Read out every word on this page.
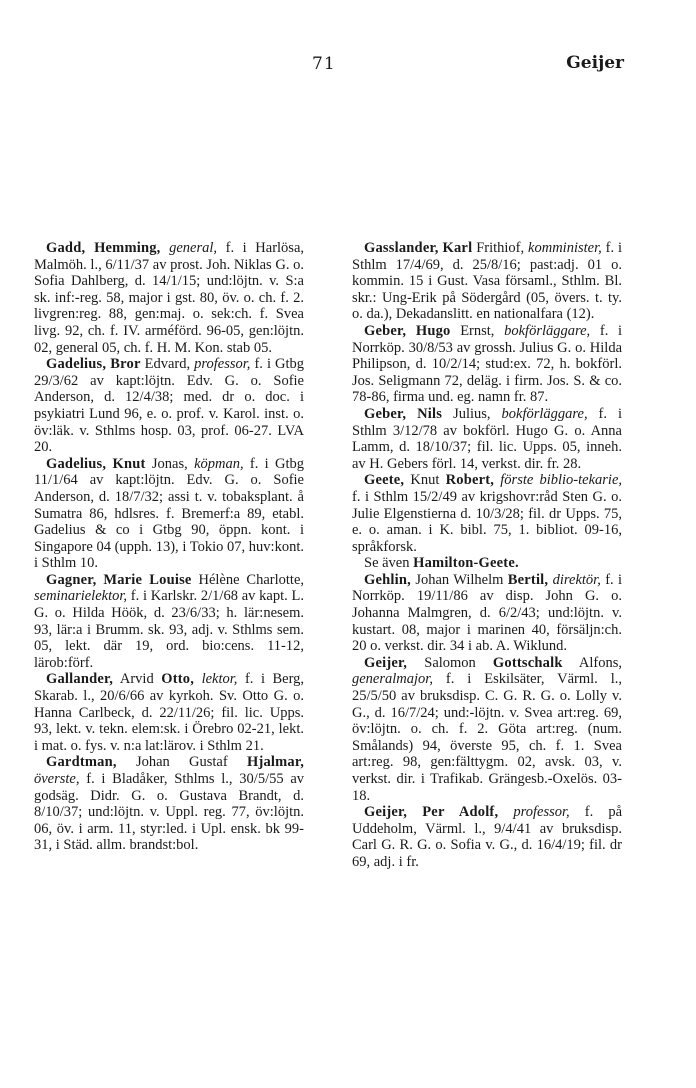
71	Geijer

Gadd, Hemming, general, f. i Harlösa, Malmöh. l., 6/11/37 av prost. Joh. Niklas G. o. Sofia Dahlberg, d. 14/1/15; und:löjtn. v. S:a sk. inf:-reg. 58, major i gst. 80, öv. o. ch. f. 2. livgren:reg. 88, gen:maj. o. sek:ch. f. Svea livg. 92, ch. f. IV. arméförd. 96-05, gen:löjtn. 02, general 05, ch. f. H. M. Kon. stab 05.

Gadelius, Bror Edvard, professor, f. i Gtbg 29/3/62 av kapt:löjtn. Edv. G. o. Sofie Anderson, d. 12/4/38; med. dr o. doc. i psykiatri Lund 96, e. o. prof. v. Karol. inst. o. öv:läk. v. Sthlms hosp. 03, prof. 06-27. LVA 20.

Gadelius, Knut Jonas, köpman, f. i Gtbg 11/1/64 av kapt:löjtn. Edv. G. o. Sofie Anderson, d. 18/7/32; assi t. v. tobaksplant. å Sumatra 86, hdlsres. f. Bremerf:a 89, etabl. Gadelius & co i Gtbg 90, öppn. kont. i Singapore 04 (upph. 13), i Tokio 07, huv:kont. i Sthlm 10.

Gagner, Marie Louise Hélène Charlotte, seminarielektor, f. i Karlskr. 2/1/68 av kapt. L. G. o. Hilda Höök, d. 23/6/33; h. lär:nesem. 93, lär:a i Brumm. sk. 93, adj. v. Sthlms sem. 05, lekt. där 19, ord. bio:cens. 11-12, lärob:förf.

Gallander, Arvid Otto, lektor, f. i Berg, Skarab. l., 20/6/66 av kyrkoh. Sv. Otto G. o. Hanna Carlbeck, d. 22/11/26; fil. lic. Upps. 93, lekt. v. tekn. elem:sk. i Örebro 02-21, lekt. i mat. o. fys. v. n:a lat:lärov. i Sthlm 21.

Gardtman, Johan Gustaf Hjalmar, överste, f. i Bladåker, Sthlms l., 30/5/55 av godsäg. Didr. G. o. Gustava Brandt, d. 8/10/37; und:löjtn. v. Uppl. reg. 77, öv:löjtn. 06, öv. i arm. 11, styr:led. i Upl. ensk. bk 99-31, i Städ. allm. brandst:bol.

Gasslander, Karl Frithiof, komminister, f. i Sthlm 17/4/69, d. 25/8/16; past:adj. 01 o. kommin. 15 i Gust. Vasa församl., Sthlm. Bl. skr.: Ung-Erik på Södergård (05, övers. t. ty. o. da.), Dekadanslitt. en nationalfara (12).

Geber, Hugo Ernst, bokförläggare, f. i Norrköp. 30/8/53 av grossh. Julius G. o. Hilda Philipson, d. 10/2/14; stud:ex. 72, h. bokförl. Jos. Seligmann 72, deläg. i firm. Jos. S. & co. 78-86, firma und. eg. namn fr. 87.

Geber, Nils Julius, bokförläggare, f. i Sthlm 3/12/78 av bokförl. Hugo G. o. Anna Lamm, d. 18/10/37; fil. lic. Upps. 05, inneh. av H. Gebers förl. 14, verkst. dir. fr. 28.

Geete, Knut Robert, förste biblio-tekarie, f. i Sthlm 15/2/49 av krigshovr:råd Sten G. o. Julie Elgenstierna d. 10/3/28; fil. dr Upps. 75, e. o. aman. i K. bibl. 75, 1. bibliot. 09-16, språkforsk.

Se även Hamilton-Geete.

Gehlin, Johan Wilhelm Bertil, direktör, f. i Norrköp. 19/11/86 av disp. John G. o. Johanna Malmgren, d. 6/2/43; und:löjtn. v. kustart. 08, major i marinen 40, försäljn:ch. 20 o. verkst. dir. 34 i ab. A. Wiklund.

Geijer, Salomon Gottschalk Alfons, generalmajor, f. i Eskilsäter, Värml. l., 25/5/50 av bruksdisp. C. G. R. G. o. Lolly v. G., d. 16/7/24; und:-löjtn. v. Svea art:reg. 69, öv:löjtn. o. ch. f. 2. Göta art:reg. (num. Smålands) 94, överste 95, ch. f. 1. Svea art:reg. 98, gen:fälttygm. 02, avsk. 03, v. verkst. dir. i Trafikab. Grängesb.-Oxelös. 03-18.

Geijer, Per Adolf, professor, f. på Uddeholm, Värml. l., 9/4/41 av bruksdisp. Carl G. R. G. o. Sofia v. G., d. 16/4/19; fil. dr 69, adj. i fr.
